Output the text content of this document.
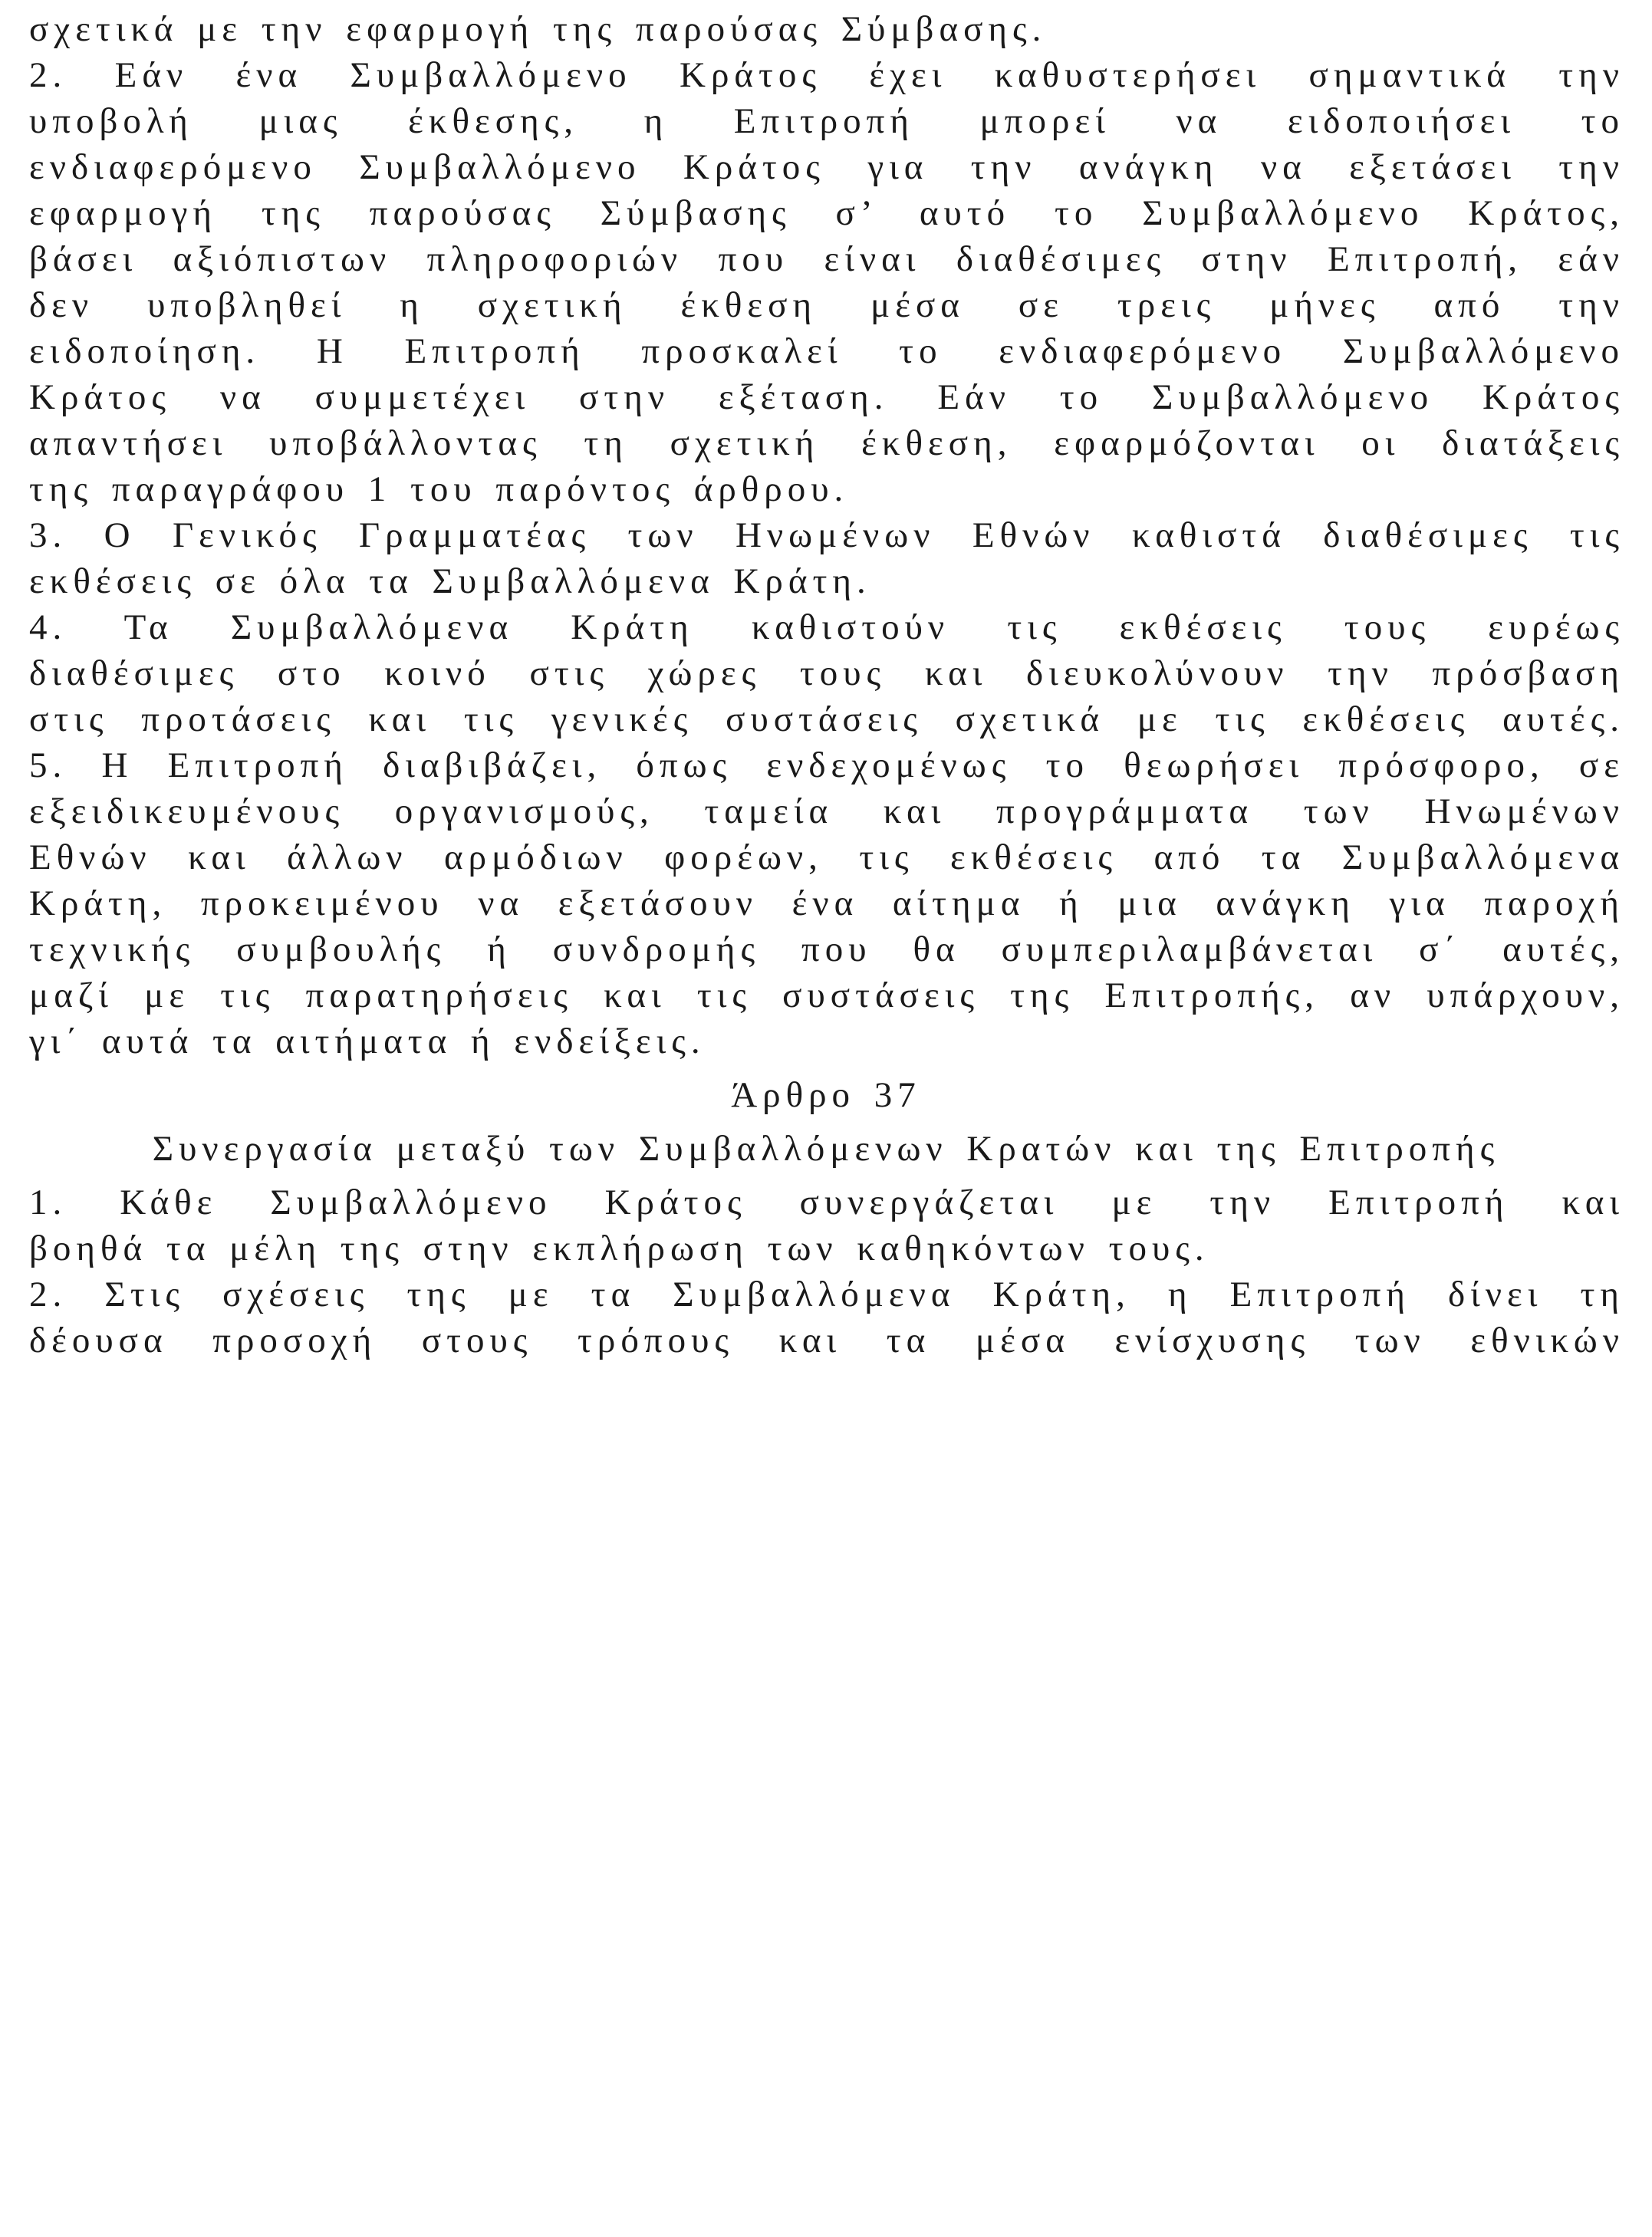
σχετικά με την εφαρμογή της παρούσας Σύμβασης.
2. Εάν ένα Συμβαλλόμενο Κράτος έχει καθυστερήσει σημαντικά την
υποβολή μιας έκθεσης, η Επιτροπή μπορεί να ειδοποιήσει το
ενδιαφερόμενο Συμβαλλόμενο Κράτος για την ανάγκη να εξετάσει την
εφαρμογή της παρούσας Σύμβασης σ’ αυτό το Συμβαλλόμενο Κράτος,
βάσει αξιόπιστων πληροφοριών που είναι διαθέσιμες στην Επιτροπή, εάν
δεν υποβληθεί η σχετική έκθεση μέσα σε τρεις μήνες από την
ειδοποίηση. Η Επιτροπή προσκαλεί το ενδιαφερόμενο Συμβαλλόμενο
Κράτος να συμμετέχει στην εξέταση. Εάν το Συμβαλλόμενο Κράτος
απαντήσει υποβάλλοντας τη σχετική έκθεση, εφαρμόζονται οι διατάξεις
της παραγράφου 1 του παρόντος άρθρου.
3. Ο Γενικός Γραμματέας των Ηνωμένων Εθνών καθιστά διαθέσιμες τις
εκθέσεις σε όλα τα Συμβαλλόμενα Κράτη.
4. Τα Συμβαλλόμενα Κράτη καθιστούν τις εκθέσεις τους ευρέως
διαθέσιμες στο κοινό στις χώρες τους και διευκολύνουν την πρόσβαση
στις προτάσεις και τις γενικές συστάσεις σχετικά με τις εκθέσεις αυτές.
5. Η Επιτροπή διαβιβάζει, όπως ενδεχομένως το θεωρήσει πρόσφορο, σε
εξειδικευμένους οργανισμούς, ταμεία και προγράμματα των Ηνωμένων
Εθνών και άλλων αρμόδιων φορέων, τις εκθέσεις από τα Συμβαλλόμενα
Κράτη, προκειμένου να εξετάσουν ένα αίτημα ή μια ανάγκη για παροχή
τεχνικής συμβουλής ή συνδρομής που θα συμπεριλαμβάνεται σ΄ αυτές,
μαζί με τις παρατηρήσεις και τις συστάσεις της Επιτροπής, αν υπάρχουν,
γι΄ αυτά τα αιτήματα ή ενδείξεις.
Άρθρο 37
Συνεργασία μεταξύ των Συμβαλλόμενων Κρατών και της Επιτροπής
1. Κάθε Συμβαλλόμενο Κράτος συνεργάζεται με την Επιτροπή και
βοηθά τα μέλη της στην εκπλήρωση των καθηκόντων τους.
2. Στις σχέσεις της με τα Συμβαλλόμενα Κράτη, η Επιτροπή δίνει τη
δέουσα προσοχή στους τρόπους και τα μέσα ενίσχυσης των εθνικών
